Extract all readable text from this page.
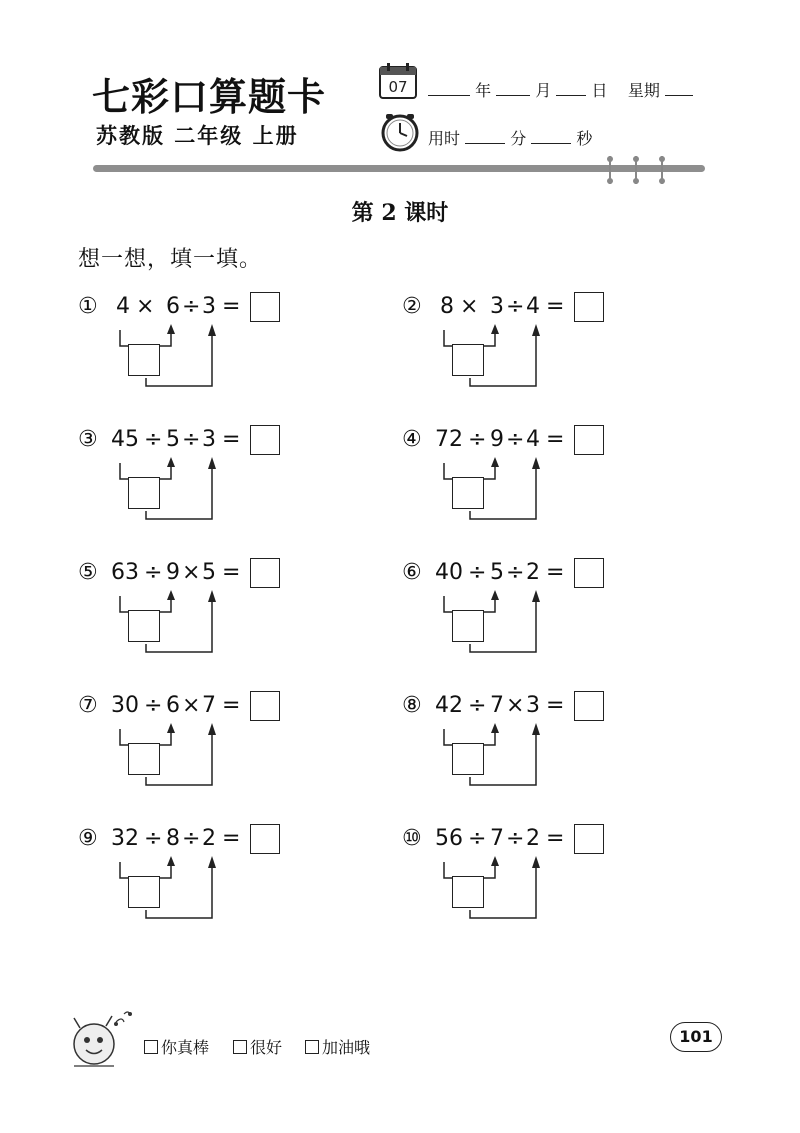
七彩口算题卡
苏教版 二年级 上册
07	年	月	日 星期
用时	分	秒
第 2 课时
想一想，填一填。
① 4 × 6 ÷ 3 =	② 8 × 3 ÷ 4 =
③ 45 ÷ 5 ÷ 3 =	④ 72 ÷ 9 ÷ 4 =
⑤ 63 ÷ 9 × 5 =	⑥ 40 ÷ 5 ÷ 2 =
⑦ 30 ÷ 6 × 7 =	⑧ 42 ÷ 7 × 3 =
⑨ 32 ÷ 8 ÷ 2 =	⑩ 56 ÷ 7 ÷ 2 =
你真棒	很好	加油哦
101
